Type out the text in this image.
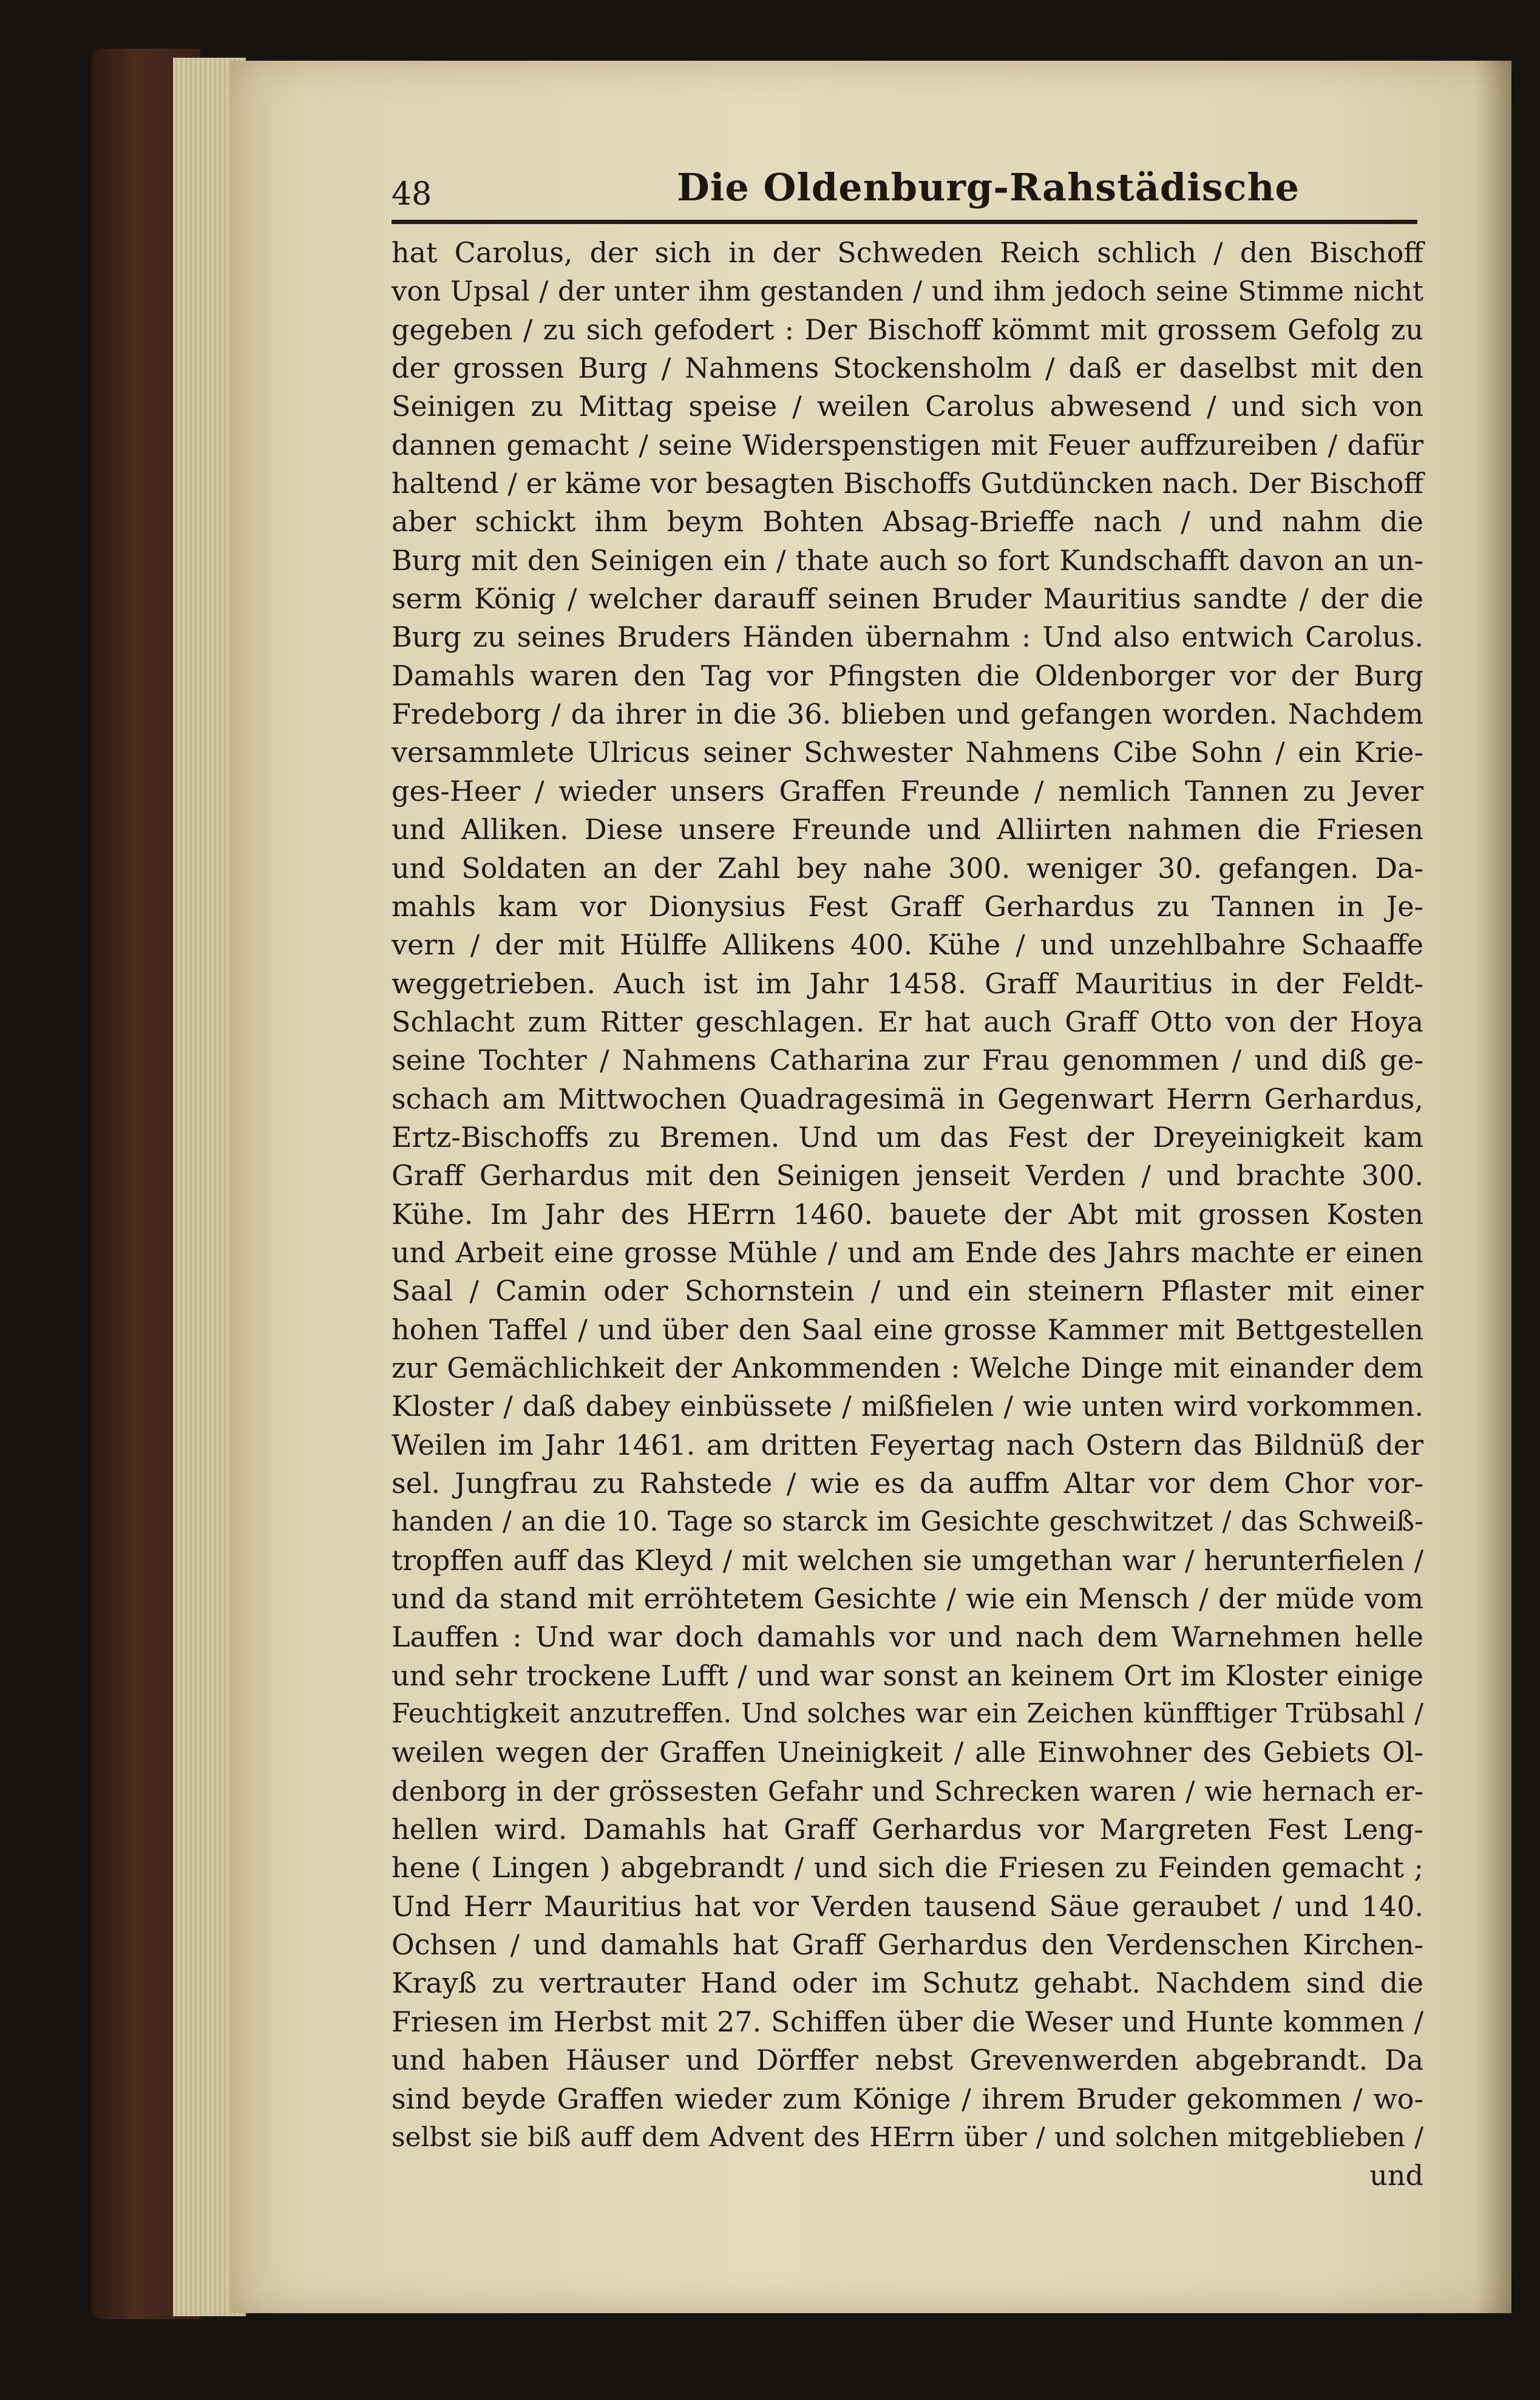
48	Die Oldenburg-Rahstädische
hat Carolus, der sich in der Schweden Reich schlich / den Bischoff
von Upsal / der unter ihm gestanden / und ihm jedoch seine Stimme nicht
gegeben / zu sich gefodert : Der Bischoff kömmt mit grossem Gefolg zu
der grossen Burg / Nahmens Stockensholm / daß er daselbst mit den
Seinigen zu Mittag speise / weilen Carolus abwesend / und sich von
dannen gemacht / seine Widerspenstigen mit Feuer auffzureiben / dafür
haltend / er käme vor besagten Bischoffs Gutdüncken nach. Der Bischoff
aber schickt ihm beym Bohten Absag-Brieffe nach / und nahm die
Burg mit den Seinigen ein / thate auch so fort Kundschafft davon an un-
serm König / welcher darauff seinen Bruder Mauritius sandte / der die
Burg zu seines Bruders Händen übernahm : Und also entwich Carolus.
Damahls waren den Tag vor Pfingsten die Oldenborger vor der Burg
Fredeborg / da ihrer in die 36. blieben und gefangen worden. Nachdem
versammlete Ulricus seiner Schwester Nahmens Cibe Sohn / ein Krie-
ges-Heer / wieder unsers Graffen Freunde / nemlich Tannen zu Jever
und Alliken. Diese unsere Freunde und Alliirten nahmen die Friesen
und Soldaten an der Zahl bey nahe 300. weniger 30. gefangen. Da-
mahls kam vor Dionysius Fest Graff Gerhardus zu Tannen in Je-
vern / der mit Hülffe Allikens 400. Kühe / und unzehlbahre Schaaffe
weggetrieben. Auch ist im Jahr 1458. Graff Mauritius in der Feldt-
Schlacht zum Ritter geschlagen. Er hat auch Graff Otto von der Hoya
seine Tochter / Nahmens Catharina zur Frau genommen / und diß ge-
schach am Mittwochen Quadragesimä in Gegenwart Herrn Gerhardus,
Ertz-Bischoffs zu Bremen. Und um das Fest der Dreyeinigkeit kam
Graff Gerhardus mit den Seinigen jenseit Verden / und brachte 300.
Kühe. Im Jahr des HErrn 1460. bauete der Abt mit grossen Kosten
und Arbeit eine grosse Mühle / und am Ende des Jahrs machte er einen
Saal / Camin oder Schornstein / und ein steinern Pflaster mit einer
hohen Taffel / und über den Saal eine grosse Kammer mit Bettgestellen
zur Gemächlichkeit der Ankommenden : Welche Dinge mit einander dem
Kloster / daß dabey einbüssete / mißfielen / wie unten wird vorkommen.
Weilen im Jahr 1461. am dritten Feyertag nach Ostern das Bildnüß der
sel. Jungfrau zu Rahstede / wie es da auffm Altar vor dem Chor vor-
handen / an die 10. Tage so starck im Gesichte geschwitzet / das Schweiß-
tropffen auff das Kleyd / mit welchen sie umgethan war / herunterfielen /
und da stand mit erröhtetem Gesichte / wie ein Mensch / der müde vom
Lauffen : Und war doch damahls vor und nach dem Warnehmen helle
und sehr trockene Lufft / und war sonst an keinem Ort im Kloster einige
Feuchtigkeit anzutreffen. Und solches war ein Zeichen künfftiger Trübsahl /
weilen wegen der Graffen Uneinigkeit / alle Einwohner des Gebiets Ol-
denborg in der grössesten Gefahr und Schrecken waren / wie hernach er-
hellen wird. Damahls hat Graff Gerhardus vor Margreten Fest Leng-
hene ( Lingen ) abgebrandt / und sich die Friesen zu Feinden gemacht ;
Und Herr Mauritius hat vor Verden tausend Säue geraubet / und 140.
Ochsen / und damahls hat Graff Gerhardus den Verdenschen Kirchen-
Krayß zu vertrauter Hand oder im Schutz gehabt. Nachdem sind die
Friesen im Herbst mit 27. Schiffen über die Weser und Hunte kommen /
und haben Häuser und Dörffer nebst Grevenwerden abgebrandt. Da
sind beyde Graffen wieder zum Könige / ihrem Bruder gekommen / wo-
selbst sie biß auff dem Advent des HErrn über / und solchen mitgeblieben /
und
